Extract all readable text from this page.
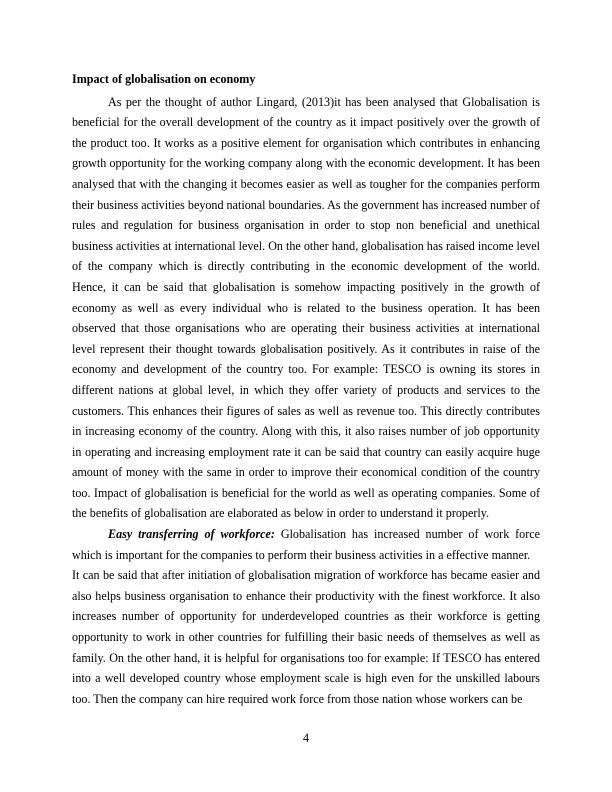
Impact of globalisation on economy

As per the thought of author Lingard, (2013)it has been analysed that Globalisation is beneficial for the overall development of the country as it impact positively over the growth of the product too. It works as a positive element for organisation which contributes in enhancing growth opportunity for the working company along with the economic development. It has been analysed that with the changing it becomes easier as well as tougher for the companies perform their business activities beyond national boundaries. As the government has increased number of rules and regulation for business organisation in order to stop non beneficial and unethical business activities at international level. On the other hand, globalisation has raised income level of the company which is directly contributing in the economic development of the world. Hence, it can be said that globalisation is somehow impacting positively in the growth of economy as well as every individual who is related to the business operation. It has been observed that those organisations who are operating their business activities at international level represent their thought towards globalisation positively. As it contributes in raise of the economy and development of the country too. For example: TESCO is owning its stores in different nations at global level, in which they offer variety of products and services to the customers. This enhances their figures of sales as well as revenue too. This directly contributes in increasing economy of the country. Along with this, it also raises number of job opportunity in operating and increasing employment rate it can be said that country can easily acquire huge amount of money with the same in order to improve their economical condition of the country too. Impact of globalisation is beneficial for the world as well as operating companies. Some of the benefits of globalisation are elaborated as below in order to understand it properly.

Easy transferring of workforce: Globalisation has increased number of work force which is important for the companies to perform their business activities in a effective manner.

It can be said that after initiation of globalisation migration of workforce has became easier and also helps business organisation to enhance their productivity with the finest workforce. It also increases number of opportunity for underdeveloped countries as their workforce is getting opportunity to work in other countries for fulfilling their basic needs of themselves as well as family. On the other hand, it is helpful for organisations too for example: If TESCO has entered into a well developed country whose employment scale is high even for the unskilled labours too. Then the company can hire required work force from those nation whose workers can be

4
